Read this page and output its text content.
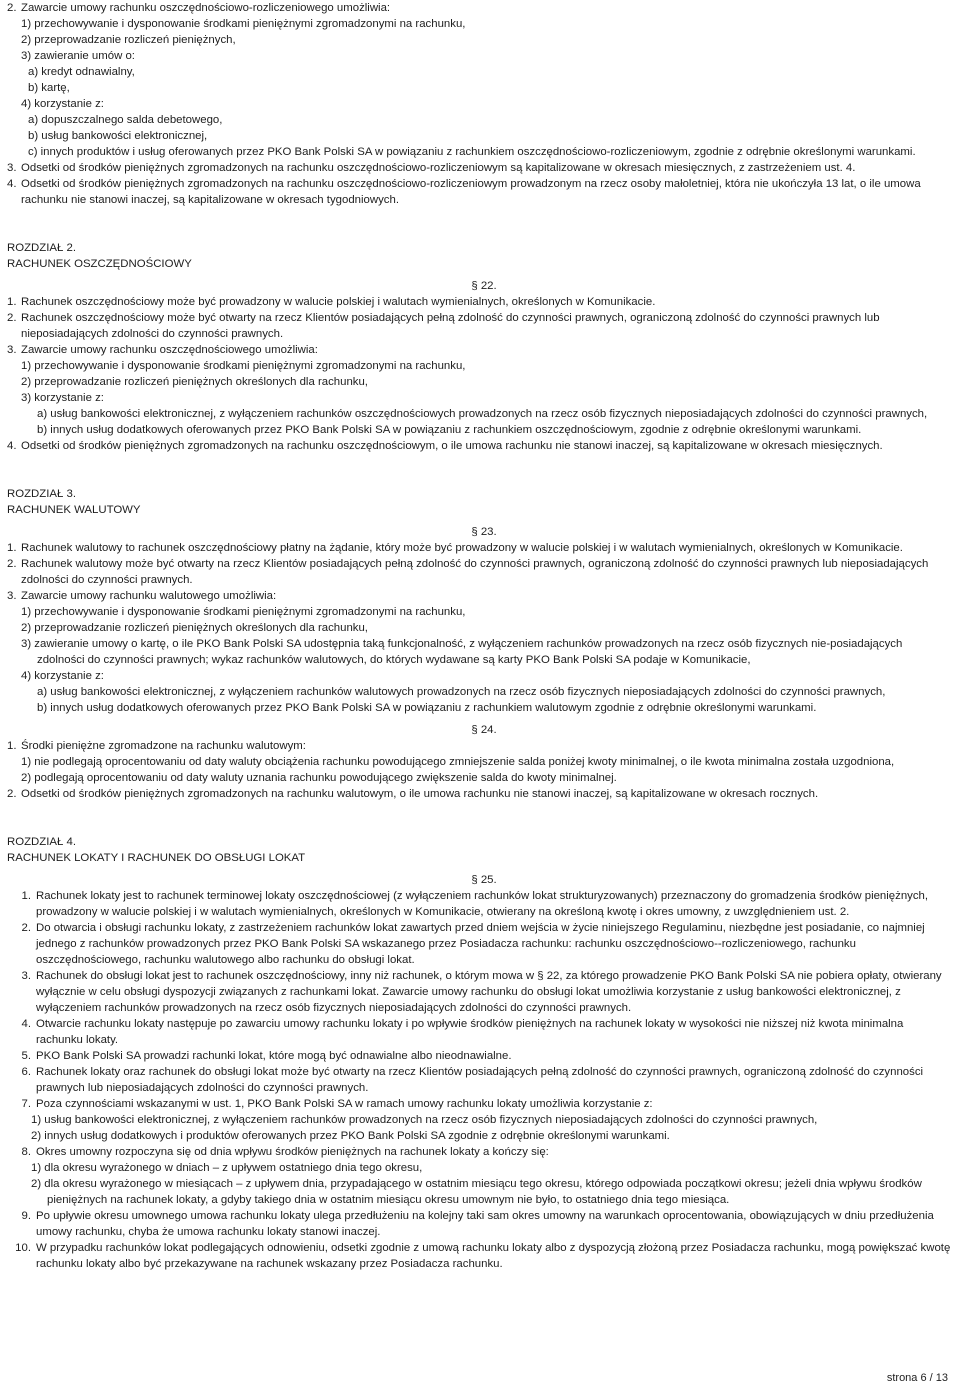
2. Zawarcie umowy rachunku oszczędnościowo-rozliczeniowego umożliwia:
1) przechowywanie i dysponowanie środkami pieniężnymi zgromadzonymi na rachunku,
2) przeprowadzanie rozliczeń pieniężnych,
3) zawieranie umów o:
a) kredyt odnawialny,
b) kartę,
4) korzystanie z:
a) dopuszczalnego salda debetowego,
b) usług bankowości elektronicznej,
c) innych produktów i usług oferowanych przez PKO Bank Polski SA w powiązaniu z rachunkiem oszczędnościowo-rozliczeniowym, zgodnie z odrębnie określonymi warunkami.
3. Odsetki od środków pieniężnych zgromadzonych na rachunku oszczędnościowo-rozliczeniowym są kapitalizowane w okresach miesięcznych, z zastrzeżeniem ust. 4.
4. Odsetki od środków pieniężnych zgromadzonych na rachunku oszczędnościowo-rozliczeniowym prowadzonym na rzecz osoby małoletniej, która nie ukończyła 13 lat, o ile umowa rachunku nie stanowi inaczej, są kapitalizowane w okresach tygodniowych.
ROZDZIAŁ 2.
RACHUNEK OSZCZĘDNOŚCIOWY
§ 22.
1. Rachunek oszczędnościowy może być prowadzony w walucie polskiej i walutach wymienialnych, określonych w Komunikacie.
2. Rachunek oszczędnościowy może być otwarty na rzecz Klientów posiadających pełną zdolność do czynności prawnych, ograniczoną zdolność do czynności prawnych lub nieposiadających zdolności do czynności prawnych.
3. Zawarcie umowy rachunku oszczędnościowego umożliwia:
1) przechowywanie i dysponowanie środkami pieniężnymi zgromadzonymi na rachunku,
2) przeprowadzanie rozliczeń pieniężnych określonych dla rachunku,
3) korzystanie z:
a) usług bankowości elektronicznej, z wyłączeniem rachunków oszczędnościowych prowadzonych na rzecz osób fizycznych nieposiadających zdolności do czynności prawnych,
b) innych usług dodatkowych oferowanych przez PKO Bank Polski SA w powiązaniu z rachunkiem oszczędnościowym, zgodnie z odrębnie określonymi warunkami.
4. Odsetki od środków pieniężnych zgromadzonych na rachunku oszczędnościowym, o ile umowa rachunku nie stanowi inaczej, są kapitalizowane w okresach miesięcznych.
ROZDZIAŁ 3.
RACHUNEK WALUTOWY
§ 23.
1. Rachunek walutowy to rachunek oszczędnościowy płatny na żądanie, który może być prowadzony w walucie polskiej i w walutach wymienialnych, określonych w Komunikacie.
2. Rachunek walutowy może być otwarty na rzecz Klientów posiadających pełną zdolność do czynności prawnych, ograniczoną zdolność do czynności prawnych lub nieposiadających zdolności do czynności prawnych.
3. Zawarcie umowy rachunku walutowego umożliwia:
1) przechowywanie i dysponowanie środkami pieniężnymi zgromadzonymi na rachunku,
2) przeprowadzanie rozliczeń pieniężnych określonych dla rachunku,
3) zawieranie umowy o kartę, o ile PKO Bank Polski SA udostępnia taką funkcjonalność, z wyłączeniem rachunków prowadzonych na rzecz osób fizycznych nie-posiadających zdolności do czynności prawnych; wykaz rachunków walutowych, do których wydawane są karty PKO Bank Polski SA podaje w Komunikacie,
4) korzystanie z:
a) usług bankowości elektronicznej, z wyłączeniem rachunków walutowych prowadzonych na rzecz osób fizycznych nieposiadających zdolności do czynności prawnych,
b) innych usług dodatkowych oferowanych przez PKO Bank Polski SA w powiązaniu z rachunkiem walutowym zgodnie z odrębnie określonymi warunkami.
§ 24.
1. Środki pieniężne zgromadzone na rachunku walutowym:
1) nie podlegają oprocentowaniu od daty waluty obciążenia rachunku powodującego zmniejszenie salda poniżej kwoty minimalnej, o ile kwota minimalna została uzgodniona,
2) podlegają oprocentowaniu od daty waluty uznania rachunku powodującego zwiększenie salda do kwoty minimalnej.
2. Odsetki od środków pieniężnych zgromadzonych na rachunku walutowym, o ile umowa rachunku nie stanowi inaczej, są kapitalizowane w okresach rocznych.
ROZDZIAŁ 4.
RACHUNEK LOKATY I RACHUNEK DO OBSŁUGI LOKAT
§ 25.
1. Rachunek lokaty jest to rachunek terminowej lokaty oszczędnościowej (z wyłączeniem rachunków lokat strukturyzowanych) przeznaczony do gromadzenia środków pieniężnych, prowadzony w walucie polskiej i w walutach wymienialnych, określonych w Komunikacie, otwierany na określoną kwotę i okres umowny, z uwzględnieniem ust. 2.
2. Do otwarcia i obsługi rachunku lokaty, z zastrzeżeniem rachunków lokat zawartych przed dniem wejścia w życie niniejszego Regulaminu, niezbędne jest posiadanie, co najmniej jednego z rachunków prowadzonych przez PKO Bank Polski SA wskazanego przez Posiadacza rachunku: rachunku oszczędnościowo--rozliczeniowego, rachunku oszczędnościowego, rachunku walutowego albo rachunku do obsługi lokat.
3. Rachunek do obsługi lokat jest to rachunek oszczędnościowy, inny niż rachunek, o którym mowa w § 22, za którego prowadzenie PKO Bank Polski SA nie pobiera opłaty, otwierany wyłącznie w celu obsługi dyspozycji związanych z rachunkami lokat. Zawarcie umowy rachunku do obsługi lokat umożliwia korzystanie z usług bankowości elektronicznej, z wyłączeniem rachunków prowadzonych na rzecz osób fizycznych nieposiadających zdolności do czynności prawnych.
4. Otwarcie rachunku lokaty następuje po zawarciu umowy rachunku lokaty i po wpływie środków pieniężnych na rachunek lokaty w wysokości nie niższej niż kwota minimalna rachunku lokaty.
5. PKO Bank Polski SA prowadzi rachunki lokat, które mogą być odnawialne albo nieodnawialne.
6. Rachunek lokaty oraz rachunek do obsługi lokat może być otwarty na rzecz Klientów posiadających pełną zdolność do czynności prawnych, ograniczoną zdolność do czynności prawnych lub nieposiadających zdolności do czynności prawnych.
7. Poza czynnościami wskazanymi w ust. 1, PKO Bank Polski SA w ramach umowy rachunku lokaty umożliwia korzystanie z:
1) usług bankowości elektronicznej, z wyłączeniem rachunków prowadzonych na rzecz osób fizycznych nieposiadających zdolności do czynności prawnych,
2) innych usług dodatkowych i produktów oferowanych przez PKO Bank Polski SA zgodnie z odrębnie określonymi warunkami.
8. Okres umowny rozpoczyna się od dnia wpływu środków pieniężnych na rachunek lokaty a kończy się:
1) dla okresu wyrażonego w dniach – z upływem ostatniego dnia tego okresu,
2) dla okresu wyrażonego w miesiącach – z upływem dnia, przypadającego w ostatnim miesiącu tego okresu, którego odpowiada początkowi okresu; jeżeli dnia wpływu środków pieniężnych na rachunek lokaty, a gdyby takiego dnia w ostatnim miesiącu okresu umownym nie było, to ostatniego dnia tego miesiąca.
9. Po upływie okresu umownego umowa rachunku lokaty ulega przedłużeniu na kolejny taki sam okres umowny na warunkach oprocentowania, obowiązujących w dniu przedłużenia umowy rachunku, chyba że umowa rachunku lokaty stanowi inaczej.
10. W przypadku rachunków lokat podlegających odnowieniu, odsetki zgodnie z umową rachunku lokaty albo z dyspozycją złożoną przez Posiadacza rachunku, mogą powiększać kwotę rachunku lokaty albo być przekazywane na rachunek wskazany przez Posiadacza rachunku.
strona 6 / 13
